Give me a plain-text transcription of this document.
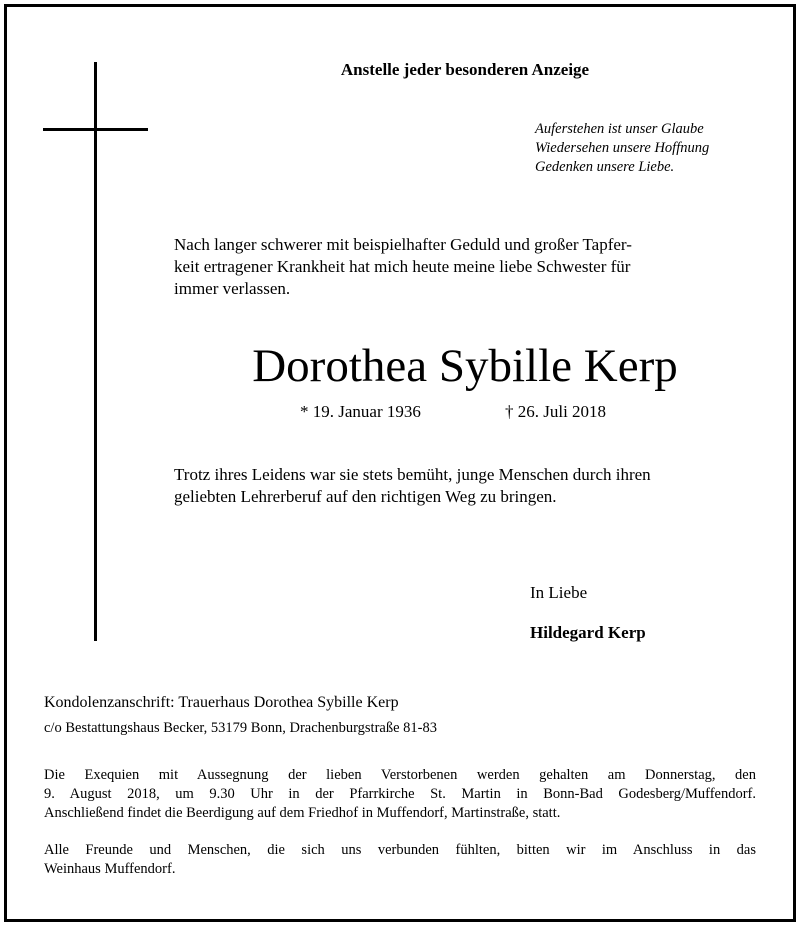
Anstelle jeder besonderen Anzeige
Auferstehen ist unser Glaube
Wiedersehen unsere Hoffnung
Gedenken unsere Liebe.
Nach langer schwerer mit beispielhafter Geduld und großer Tapfer-
keit ertragener Krankheit hat mich heute meine liebe Schwester für
immer verlassen.
Dorothea Sybille Kerp
* 19. Januar 1936	† 26. Juli 2018
Trotz ihres Leidens war sie stets bemüht, junge Menschen durch ihren
geliebten Lehrerberuf auf den richtigen Weg zu bringen.
In Liebe
Hildegard Kerp
Kondolenzanschrift: Trauerhaus Dorothea Sybille Kerp
c/o Bestattungshaus Becker, 53179 Bonn, Drachenburgstraße 81-83
Die Exequien mit Aussegnung der lieben Verstorbenen werden gehalten am Donnerstag, den
9. August 2018, um 9.30 Uhr in der Pfarrkirche St. Martin in Bonn-Bad Godesberg/Muffendorf.
Anschließend findet die Beerdigung auf dem Friedhof in Muffendorf, Martinstraße, statt.
Alle Freunde und Menschen, die sich uns verbunden fühlten, bitten wir im Anschluss in das
Weinhaus Muffendorf.
